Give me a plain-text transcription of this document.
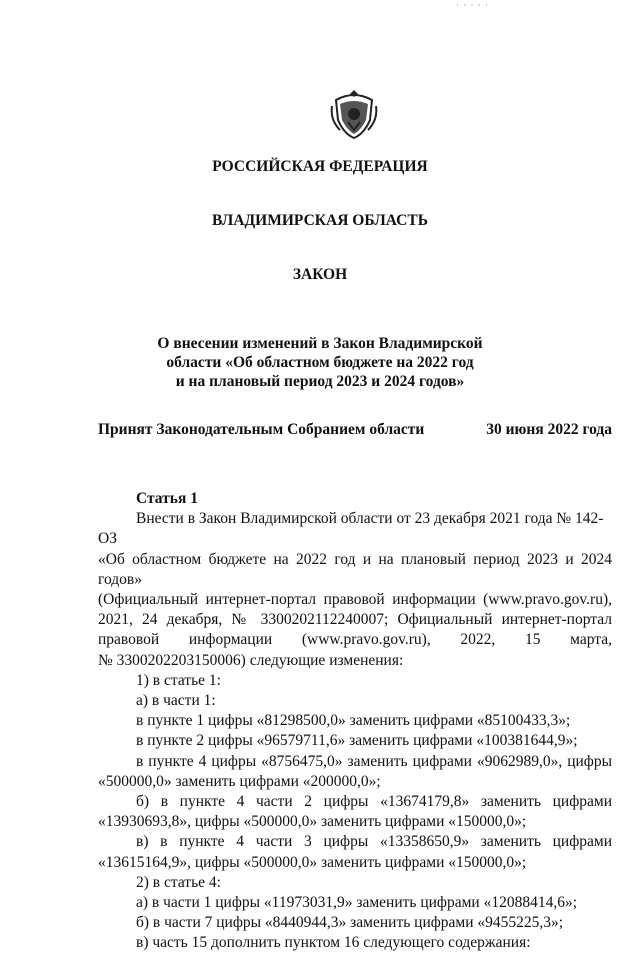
· · · · ·
РОССИЙСКАЯ ФЕДЕРАЦИЯ
ВЛАДИМИРСКАЯ ОБЛАСТЬ
ЗАКОН
О внесении изменений в Закон Владимирской
области «Об областном бюджете на 2022 год
и на плановый период 2023 и 2024 годов»
Принят Законодательным Собранием области	30 июня 2022 года

Статья 1

Внести в Закон Владимирской области от 23 декабря 2021 года № 142-ОЗ

«Об областном бюджете на 2022 год и на плановый период 2023 и 2024 годов»

(Официальный интернет-портал правовой информации (www.pravo.gov.ru),

2021, 24 декабря, № 3300202112240007; Официальный интернет-портал

правовой информации (www.pravo.gov.ru), 2022, 15 марта,

№ 3300202203150006) следующие изменения:

1) в статье 1:

а) в части 1:

в пункте 1 цифры «81298500,0» заменить цифрами «85100433,3»;

в пункте 2 цифры «96579711,6» заменить цифрами «100381644,9»;

в пункте 4 цифры «8756475,0» заменить цифрами «9062989,0», цифры

«500000,0» заменить цифрами «200000,0»;

б) в пункте 4 части 2 цифры «13674179,8» заменить цифрами

«13930693,8», цифры «500000,0» заменить цифрами «150000,0»;

в) в пункте 4 части 3 цифры «13358650,9» заменить цифрами

«13615164,9», цифры «500000,0» заменить цифрами «150000,0»;

2) в статье 4:

а) в части 1 цифры «11973031,9» заменить цифрами «12088414,6»;

б) в части 7 цифры «8440944,3» заменить цифрами «9455225,3»;

в) часть 15 дополнить пунктом 16 следующего содержания:
